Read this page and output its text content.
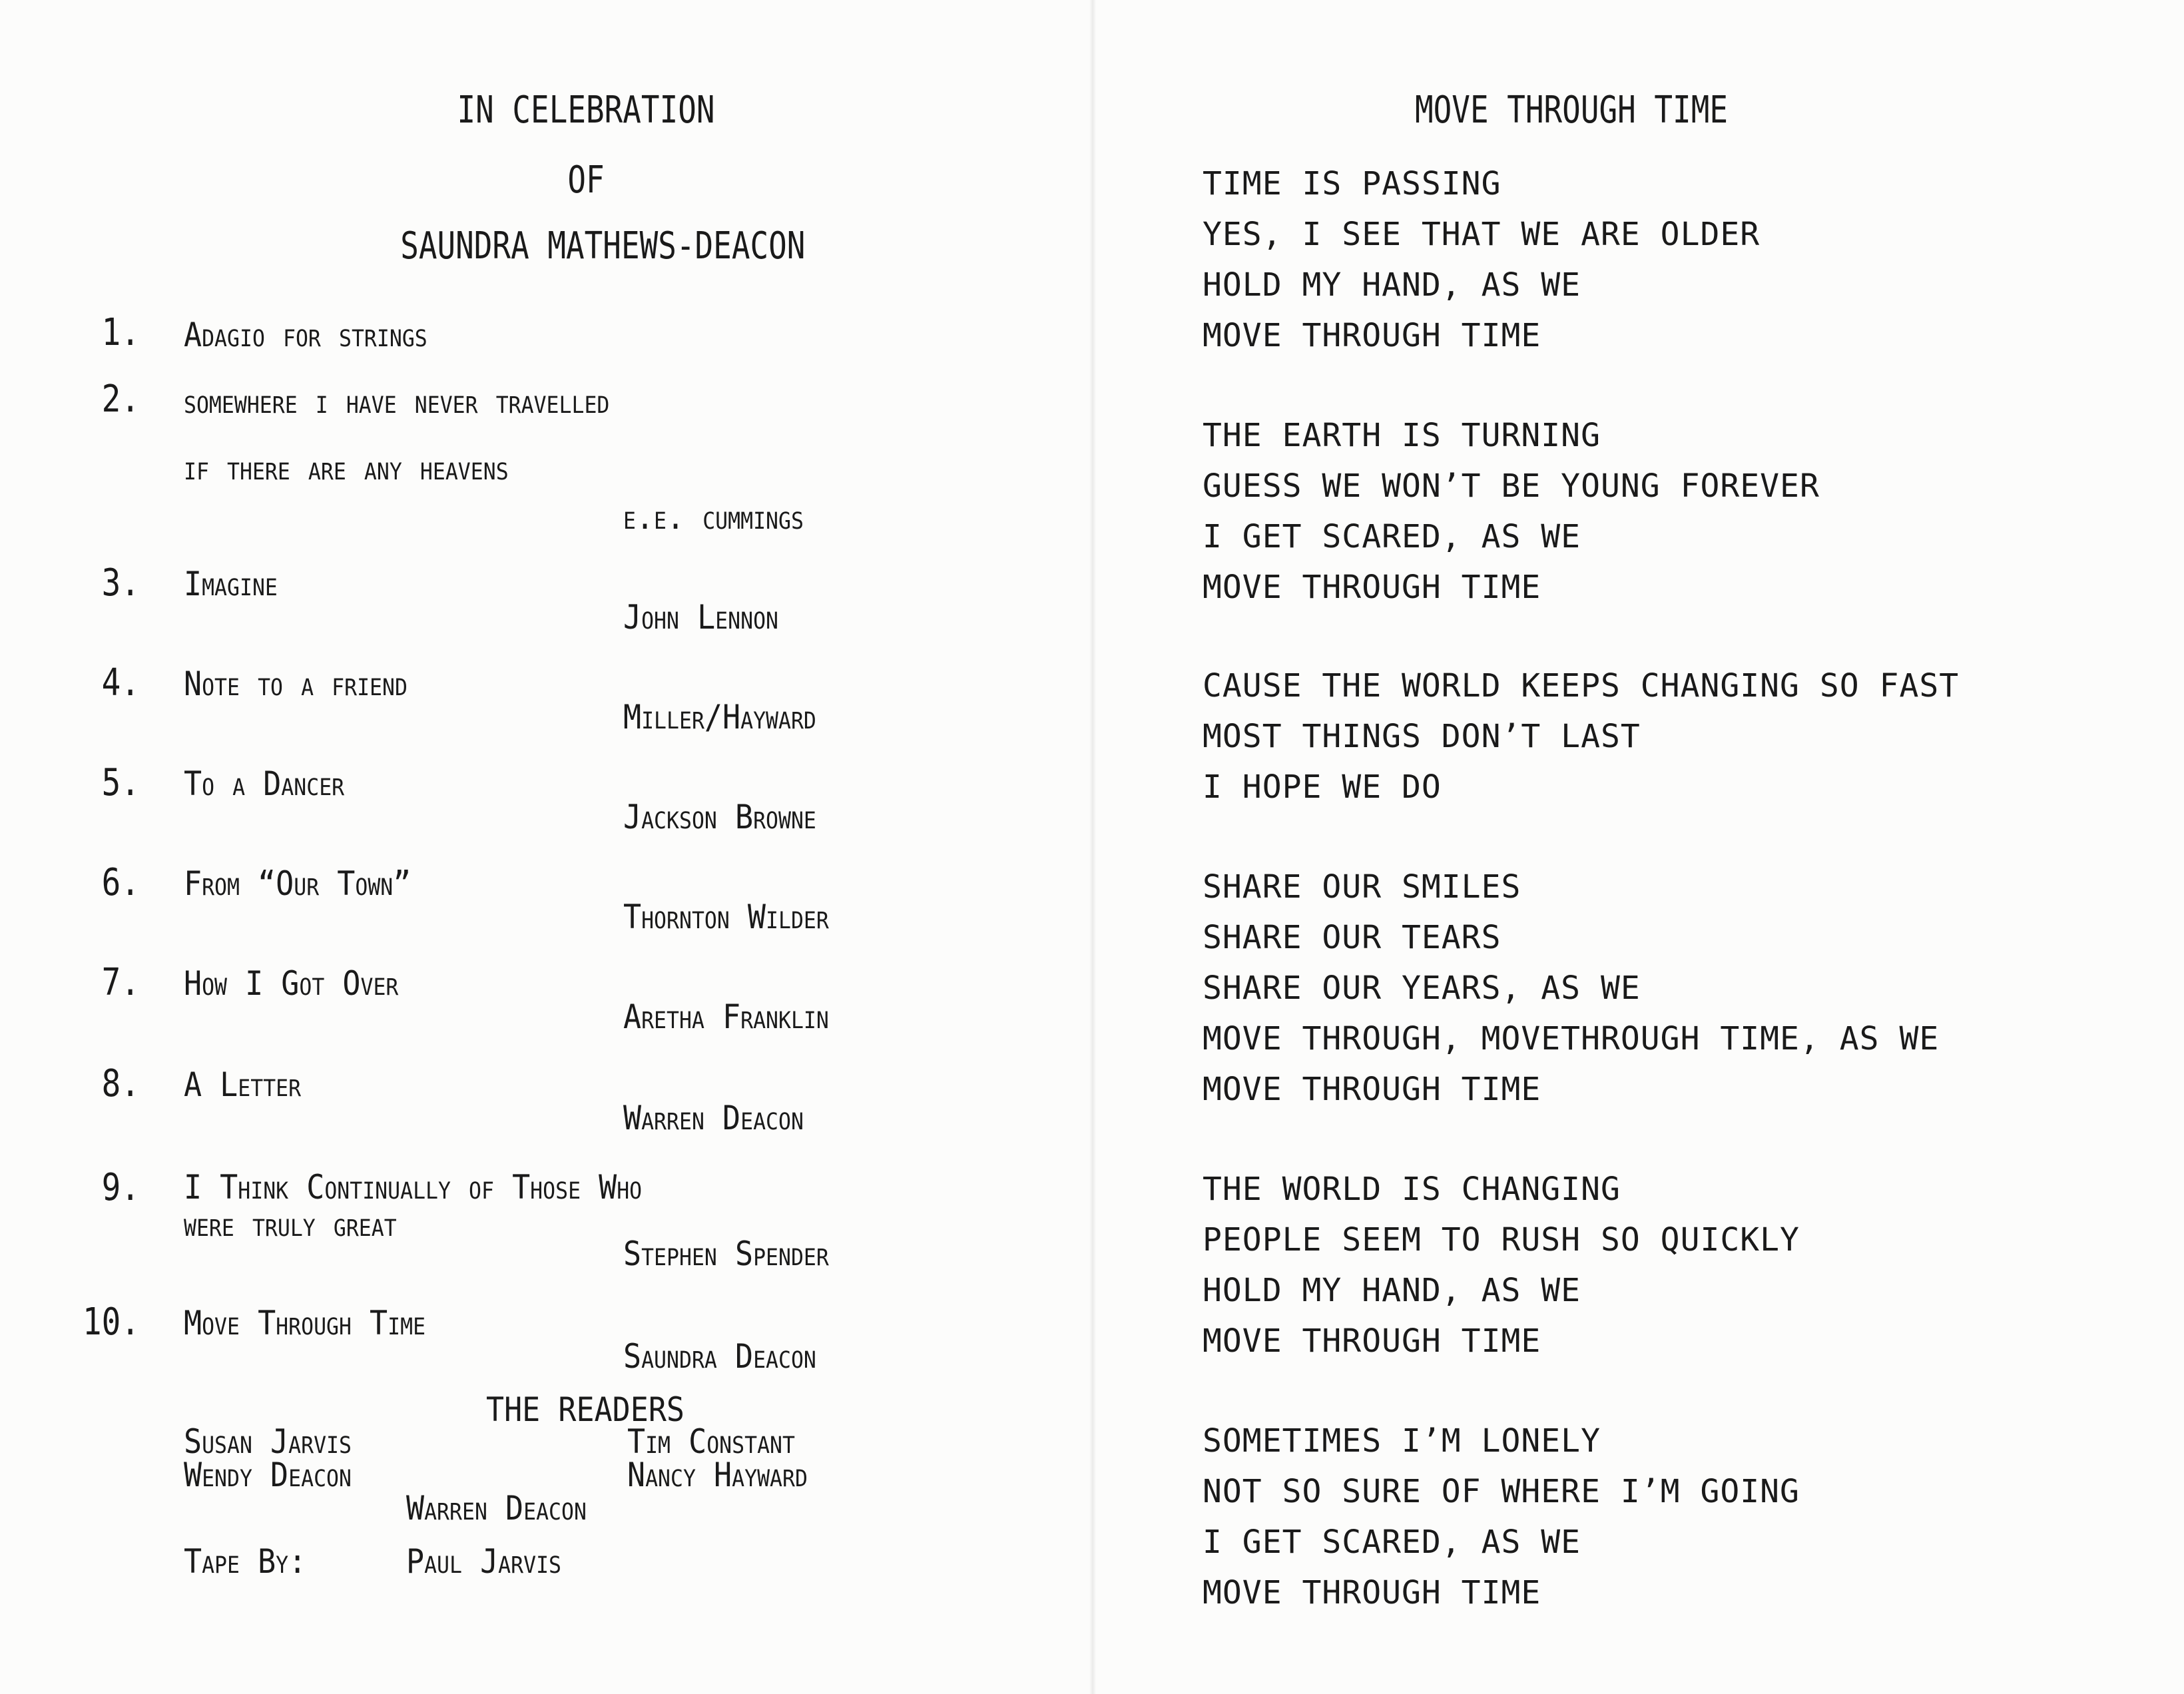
IN CELEBRATION
OF
SAUNDRA MATHEWS-DEACON
1. Adagio for strings
2. somewhere i have never travelled
if there are any heavens
e.e. cummings
3. Imagine
John Lennon
4. Note to a friend
Miller/Hayward
5. To a Dancer
Jackson Browne
6. From “Our Town”
Thornton Wilder
7. How I Got Over
Aretha Franklin
8. A Letter
Warren Deacon
9. I Think Continually of Those Who
were truly great
Stephen Spender
10. Move Through Time
Saundra Deacon
THE READERS
Susan Jarvis	Tim Constant
Wendy Deacon	Nancy Hayward
Warren Deacon
Tape By:	Paul Jarvis
MOVE THROUGH TIME
TIME IS PASSING
YES, I SEE THAT WE ARE OLDER
HOLD MY HAND, AS WE
MOVE THROUGH TIME
THE EARTH IS TURNING
GUESS WE WON’T BE YOUNG FOREVER
I GET SCARED, AS WE
MOVE THROUGH TIME
CAUSE THE WORLD KEEPS CHANGING SO FAST
MOST THINGS DON’T LAST
I HOPE WE DO
SHARE OUR SMILES
SHARE OUR TEARS
SHARE OUR YEARS, AS WE
MOVE THROUGH, MOVETHROUGH TIME, AS WE
MOVE THROUGH TIME
THE WORLD IS CHANGING
PEOPLE SEEM TO RUSH SO QUICKLY
HOLD MY HAND, AS WE
MOVE THROUGH TIME
SOMETIMES I’M LONELY
NOT SO SURE OF WHERE I’M GOING
I GET SCARED, AS WE
MOVE THROUGH TIME
